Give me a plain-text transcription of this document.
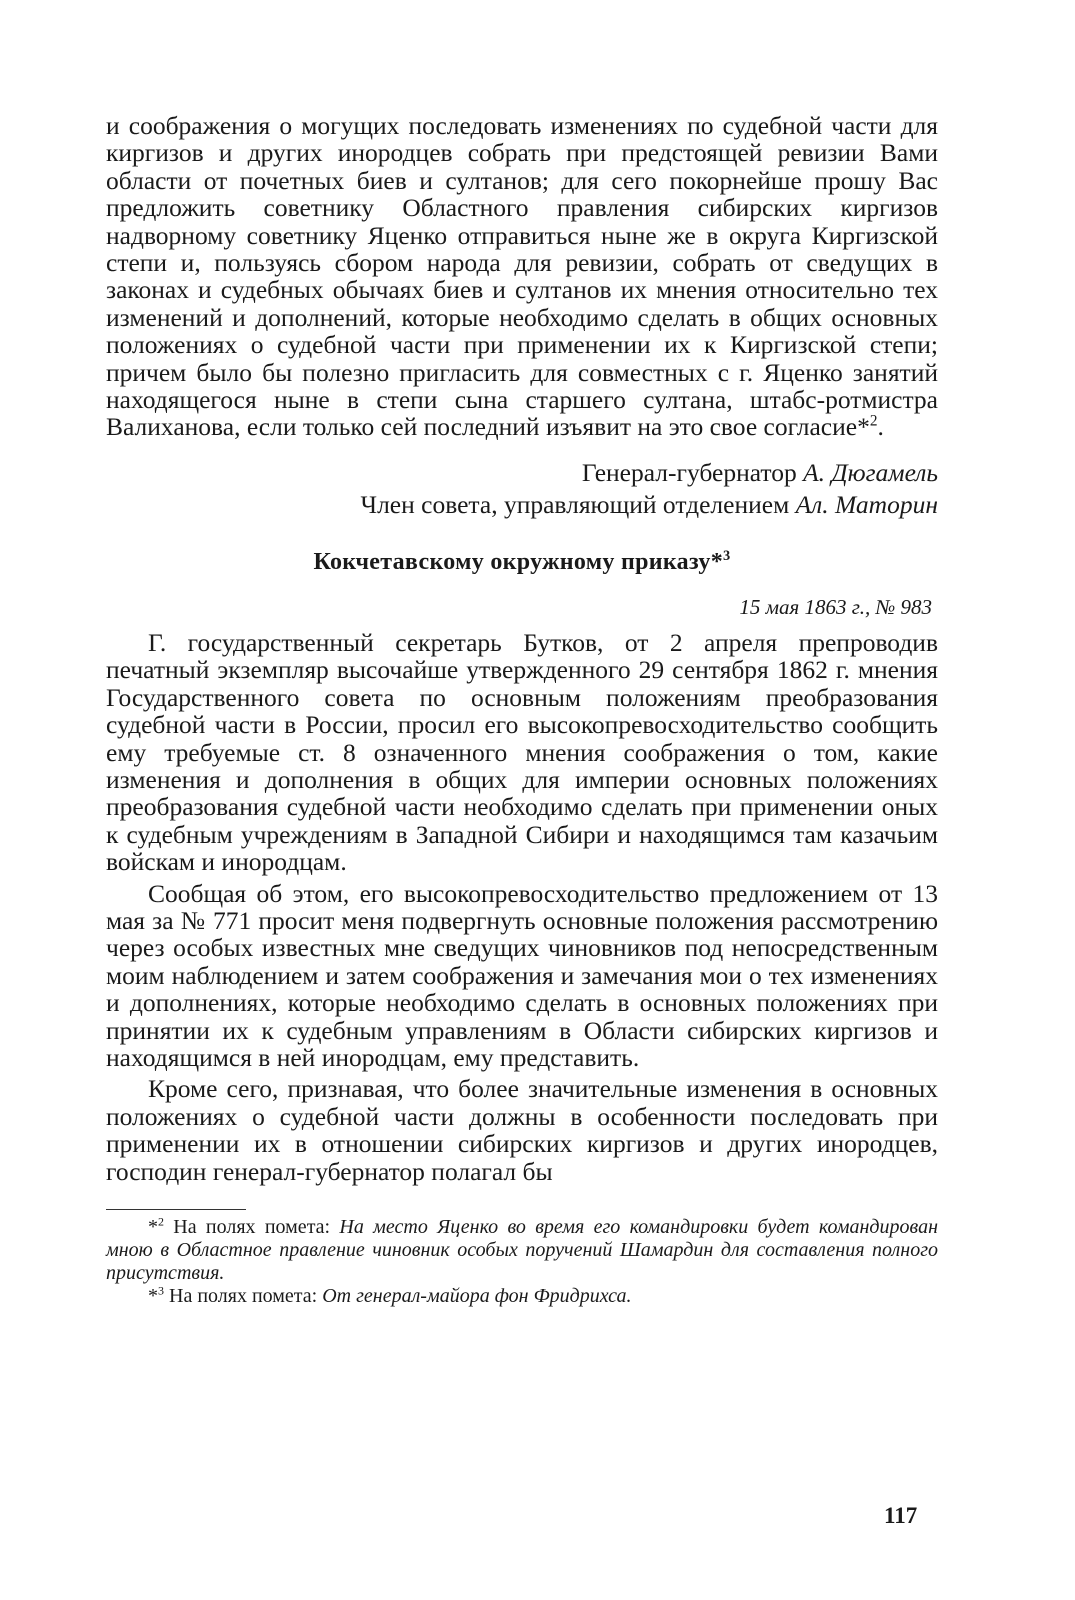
и соображения о могущих последовать изменениях по судебной части для киргизов и других инородцев собрать при предстоящей ревизии Вами области от почетных биев и султанов; для сего покорнейше прошу Вас предложить советнику Областного правления сибирских киргизов надворному советнику Яценко отправиться ныне же в округа Киргизской степи и, пользуясь сбором народа для ревизии, собрать от сведущих в законах и судебных обычаях биев и султанов их мнения относительно тех изменений и дополнений, которые необходимо сделать в общих основных положениях о судебной части при применении их к Киргизской степи; причем было бы полезно пригласить для совместных с г. Яценко занятий находящегося ныне в степи сына старшего султана, штабс-ротмистра Валиханова, если только сей последний изъявит на это свое согласие*$^2$.

Генерал-губернатор А. Дюгамель
Член совета, управляющий отделением Ал. Маторин
Кокчетавскому окружному приказу*$^3$
15 мая 1863 г., № 983

Г. государственный секретарь Бутков, от 2 апреля препроводив печатный экземпляр высочайше утвержденного 29 сентября 1862 г. мнения Государственного совета по основным положениям преобразования судебной части в России, просил его высокопревосходительство сообщить ему требуемые ст. 8 означенного мнения соображения о том, какие изменения и дополнения в общих для империи основных положениях преобразования судебной части необходимо сделать при применении оных к судебным учреждениям в Западной Сибири и находящимся там казачьим войскам и инородцам.

Сообщая об этом, его высокопревосходительство предложением от 13 мая за № 771 просит меня подвергнуть основные положения рассмотрению через особых известных мне сведущих чиновников под непосредственным моим наблюдением и затем соображения и замечания мои о тех изменениях и дополнениях, которые необходимо сделать в основных положениях при принятии их к судебным управлениям в Области сибирских киргизов и находящимся в ней инородцам, ему представить.

Кроме сего, признавая, что более значительные изменения в основных положениях о судебной части должны в особенности последовать при применении их в отношении сибирских киргизов и других инородцев, господин генерал-губернатор полагал бы

*$^2$ На полях помета: На место Яценко во время его командировки будет командирован мною в Областное правление чиновник особых поручений Шамардин для составления полного присутствия.

*$^3$ На полях помета: От генерал-майора фон Фридрихса.

117
